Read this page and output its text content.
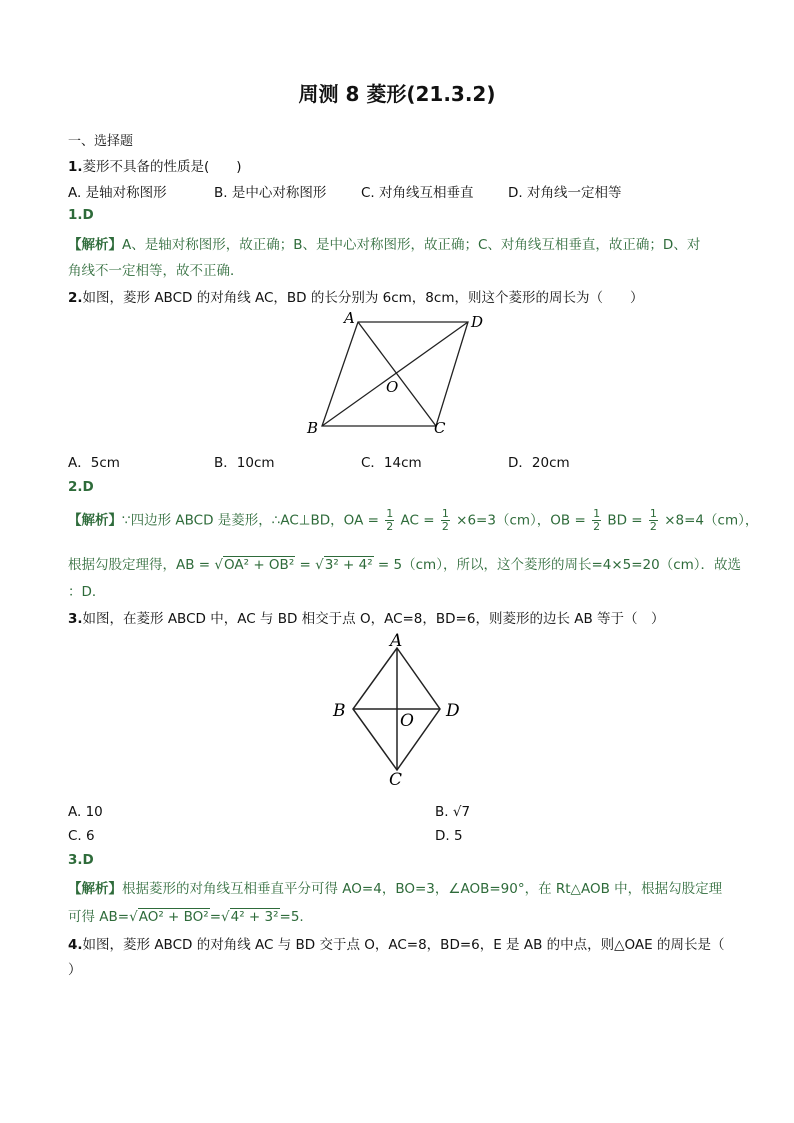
周测 8 菱形(21.3.2)
一、选择题
1.菱形不具备的性质是(　　)
A. 是轴对称图形	B. 是中心对称图形	C. 对角线互相垂直	D. 对角线一定相等
1.D
【解析】A、是轴对称图形，故正确；B、是中心对称图形，故正确；C、对角线互相垂直，故正确；D、对
角线不一定相等，故不正确．
2.如图，菱形 ABCD 的对角线 AC，BD 的长分别为 6cm，8cm，则这个菱形的周长为（　　）
A	D
O
B	C
A．5cm	B．10cm	C．14cm	D．20cm
2.D
【解析】∵四边形 ABCD 是菱形，∴AC⊥BD，OA = $\frac{1}{2}$ AC = $\frac{1}{2} \times 6=3(cm)$，OB = $\frac{1}{2}$ BD = $\frac{1}{2} \times 8=4(cm)$，
根据勾股定理得，AB = √OA² + OB² = √3² + 4² = 5（cm），所以，这个菱形的周长=4×5=20（cm）．故选
：D．
3.如图，在菱形 ABCD 中，AC 与 BD 相交于点 O，AC=8，BD=6，则菱形的边长 AB 等于（　）
A
B	D
O
C
A. 10	B. √7
C. 6	D. 5
3.D
【解析】根据菱形的对角线互相垂直平分可得 AO=4，BO=3，∠AOB=90°，在 Rt△AOB 中，根据勾股定理
可得 AB=√AO² + BO²=√4² + 3²=5.
4.如图，菱形 ABCD 的对角线 AC 与 BD 交于点 O，AC=8，BD=6，E 是 AB 的中点，则△OAE 的周长是（
）
